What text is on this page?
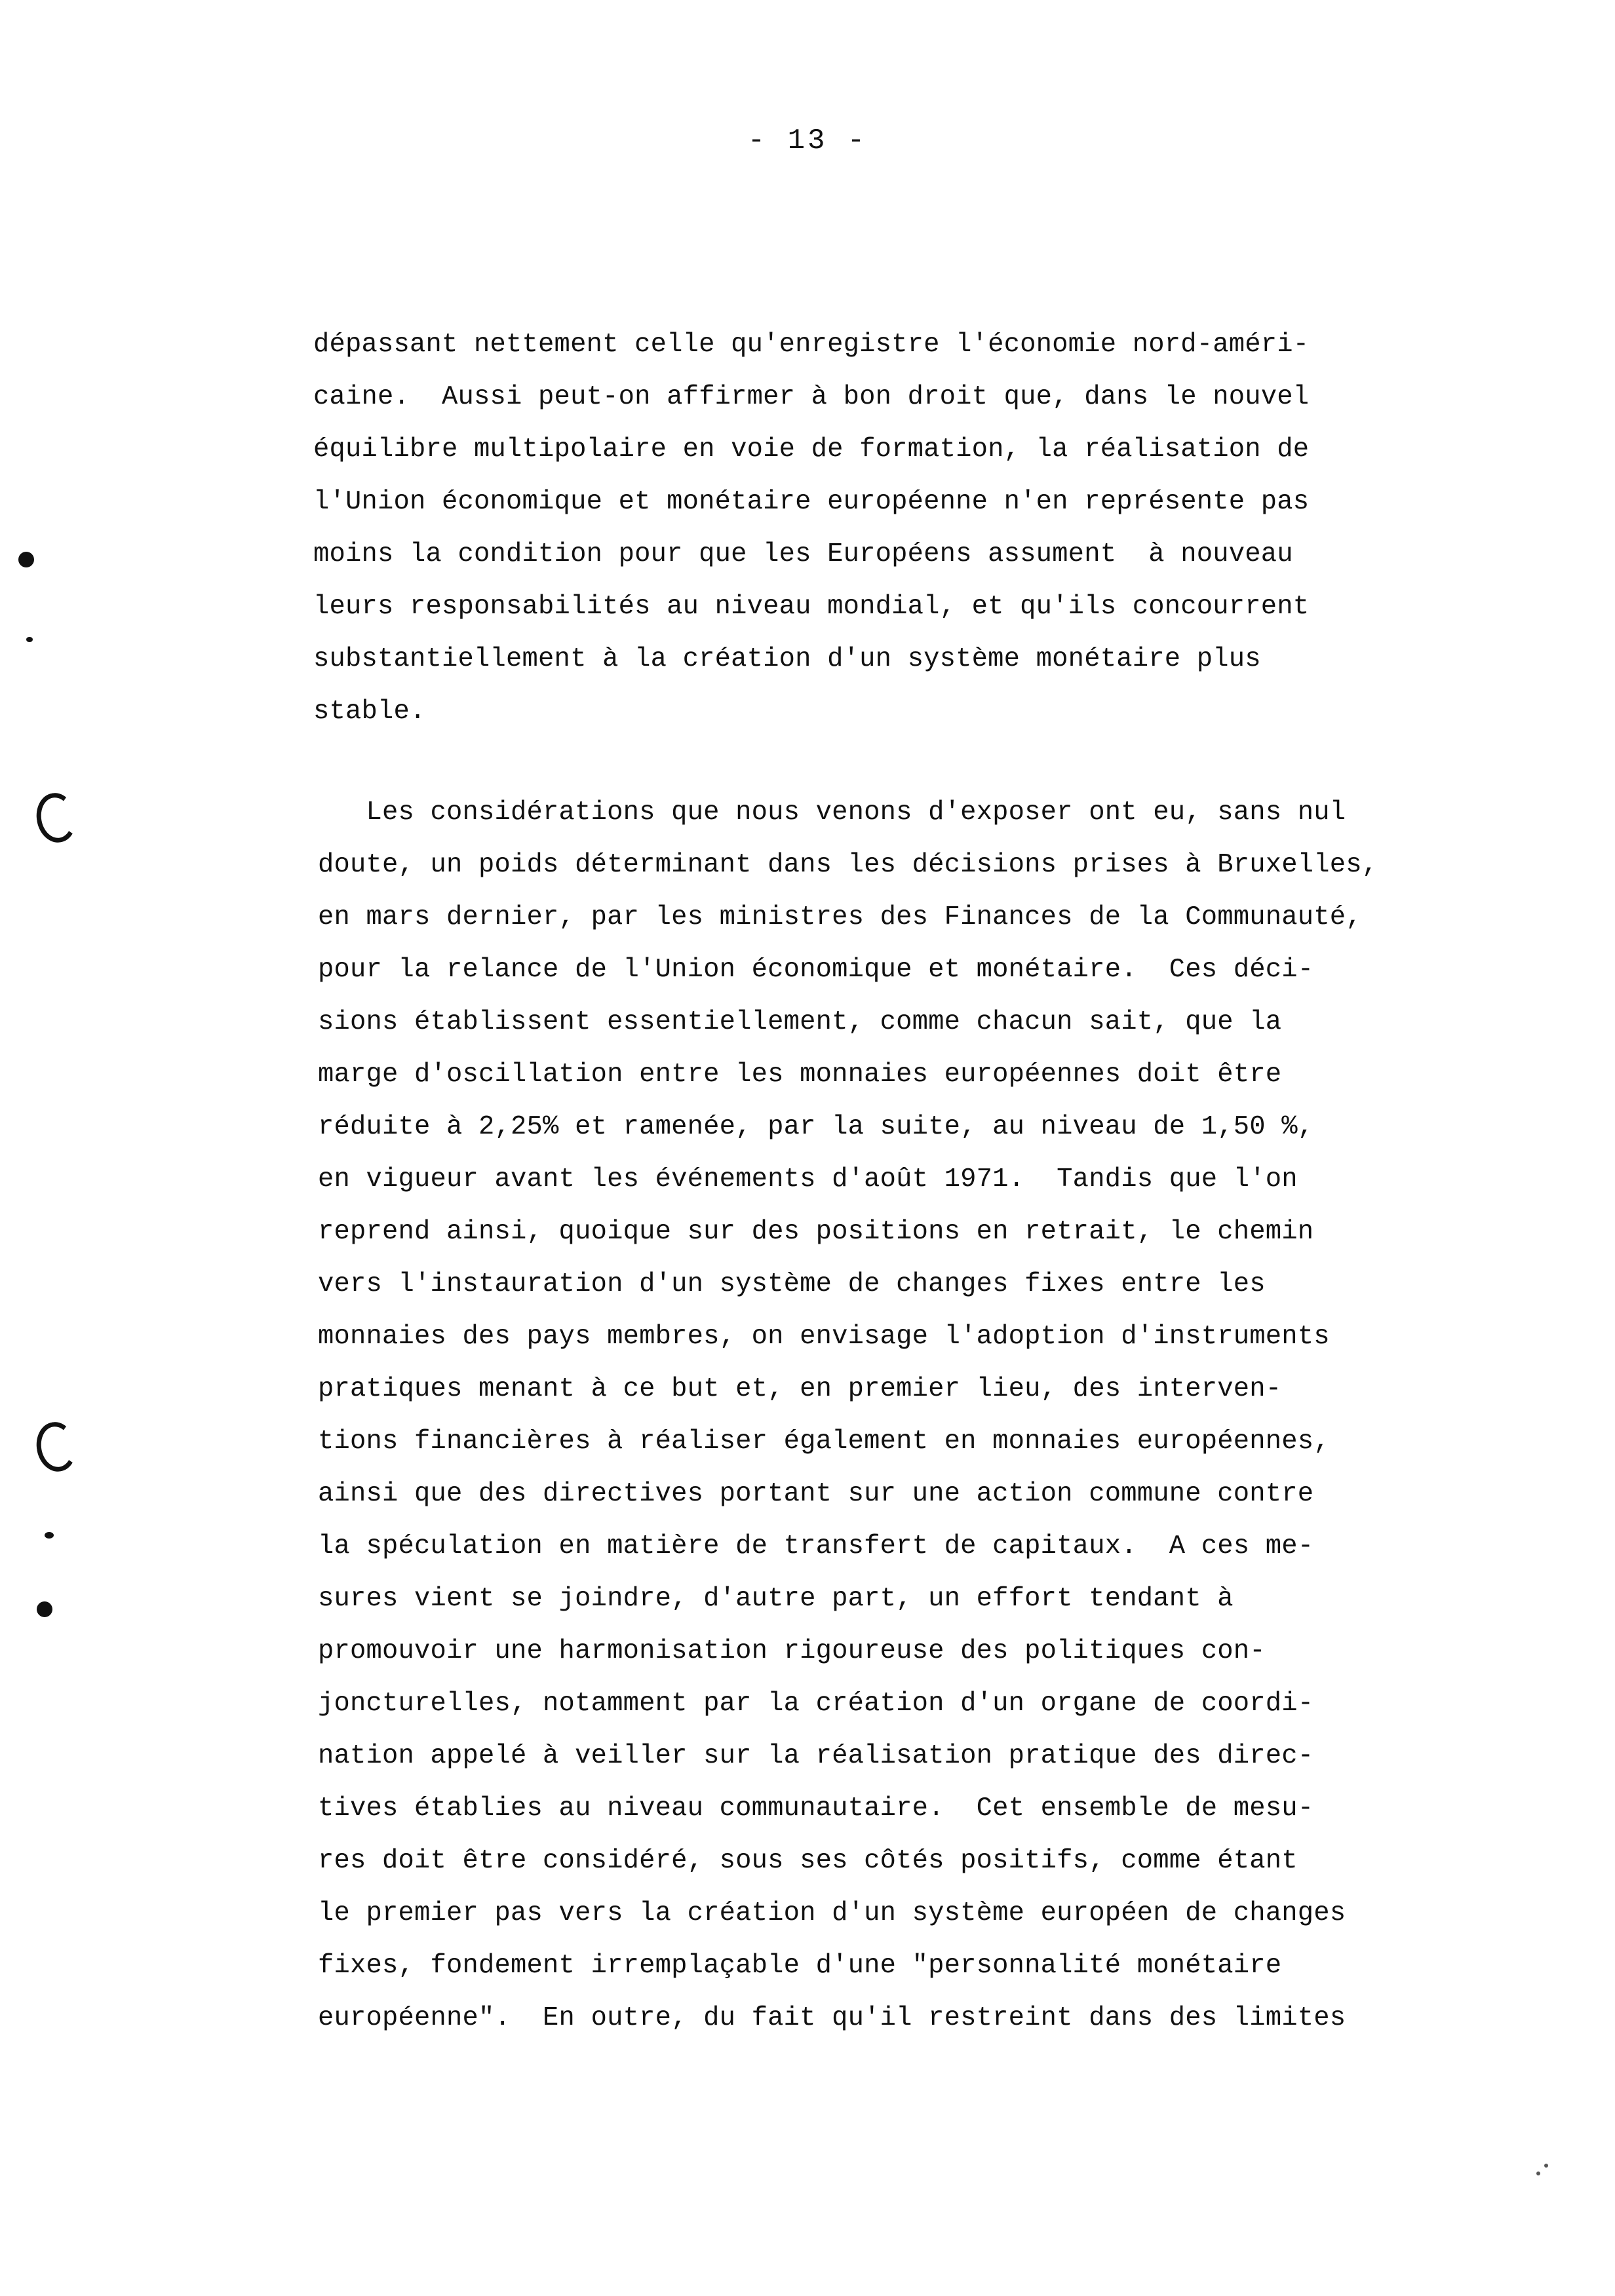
- 13 -
dépassant nettement celle qu'enregistre l'économie nord-améri-
caine.  Aussi peut-on affirmer à bon droit que, dans le nouvel
équilibre multipolaire en voie de formation, la réalisation de
l'Union économique et monétaire européenne n'en représente pas
moins la condition pour que les Européens assument  à nouveau
leurs responsabilités au niveau mondial, et qu'ils concourrent
substantiellement à la création d'un système monétaire plus
stable.
Les considérations que nous venons d'exposer ont eu, sans nul
doute, un poids déterminant dans les décisions prises à Bruxelles,
en mars dernier, par les ministres des Finances de la Communauté,
pour la relance de l'Union économique et monétaire.  Ces déci-
sions établissent essentiellement, comme chacun sait, que la
marge d'oscillation entre les monnaies européennes doit être
réduite à 2,25% et ramenée, par la suite, au niveau de 1,50 %,
en vigueur avant les événements d'août 1971.  Tandis que l'on
reprend ainsi, quoique sur des positions en retrait, le chemin
vers l'instauration d'un système de changes fixes entre les
monnaies des pays membres, on envisage l'adoption d'instruments
pratiques menant à ce but et, en premier lieu, des interven-
tions financières à réaliser également en monnaies européennes,
ainsi que des directives portant sur une action commune contre
la spéculation en matière de transfert de capitaux.  A ces me-
sures vient se joindre, d'autre part, un effort tendant à
promouvoir une harmonisation rigoureuse des politiques con-
joncturelles, notamment par la création d'un organe de coordi-
nation appelé à veiller sur la réalisation pratique des direc-
tives établies au niveau communautaire.  Cet ensemble de mesu-
res doit être considéré, sous ses côtés positifs, comme étant
le premier pas vers la création d'un système européen de changes
fixes, fondement irremplaçable d'une "personnalité monétaire
européenne".  En outre, du fait qu'il restreint dans des limites
